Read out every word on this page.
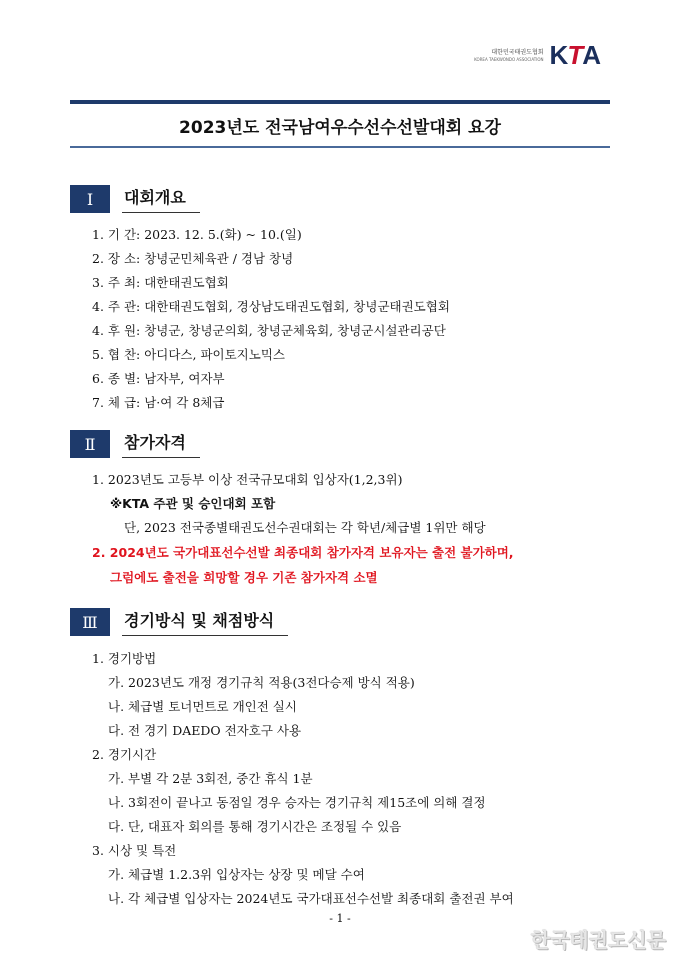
대한민국태권도협회
KOREA TAEKWONDO ASSOCIATION KTA
2023년도 전국남여우수선수선발대회 요강
Ⅰ	대회개요
1. 기 간: 2023. 12. 5.(화) ~ 10.(일)
2. 장 소: 창녕군민체육관 / 경남 창녕
3. 주 최: 대한태권도협회
4. 주 관: 대한태권도협회, 경상남도태권도협회, 창녕군태권도협회
4. 후 원: 창녕군, 창녕군의회, 창녕군체육회, 창녕군시설관리공단
5. 협 찬: 아디다스, 파이토지노믹스
6. 종 별: 남자부, 여자부
7. 체 급: 남·여 각 8체급
Ⅱ	참가자격
1. 2023년도 고등부 이상 전국규모대회 입상자(1,2,3위)
※KTA 주관 및 승인대회 포함
단, 2023 전국종별태권도선수권대회는 각 학년/체급별 1위만 해당
2. 2024년도 국가대표선수선발 최종대회 참가자격 보유자는 출전 불가하며,
그럼에도 출전을 희망할 경우 기존 참가자격 소멸
Ⅲ	경기방식 및 채점방식
1. 경기방법
가. 2023년도 개정 경기규칙 적용(3전다승제 방식 적용)
나. 체급별 토너먼트로 개인전 실시
다. 전 경기 DAEDO 전자호구 사용
2. 경기시간
가. 부별 각 2분 3회전, 중간 휴식 1분
나. 3회전이 끝나고 동점일 경우 승자는 경기규칙 제15조에 의해 결정
다. 단, 대표자 회의를 통해 경기시간은 조정될 수 있음
3. 시상 및 특전
가. 체급별 1.2.3위 입상자는 상장 및 메달 수여
나. 각 체급별 입상자는 2024년도 국가대표선수선발 최종대회 출전권 부여
- 1 -
한국태권도신문
